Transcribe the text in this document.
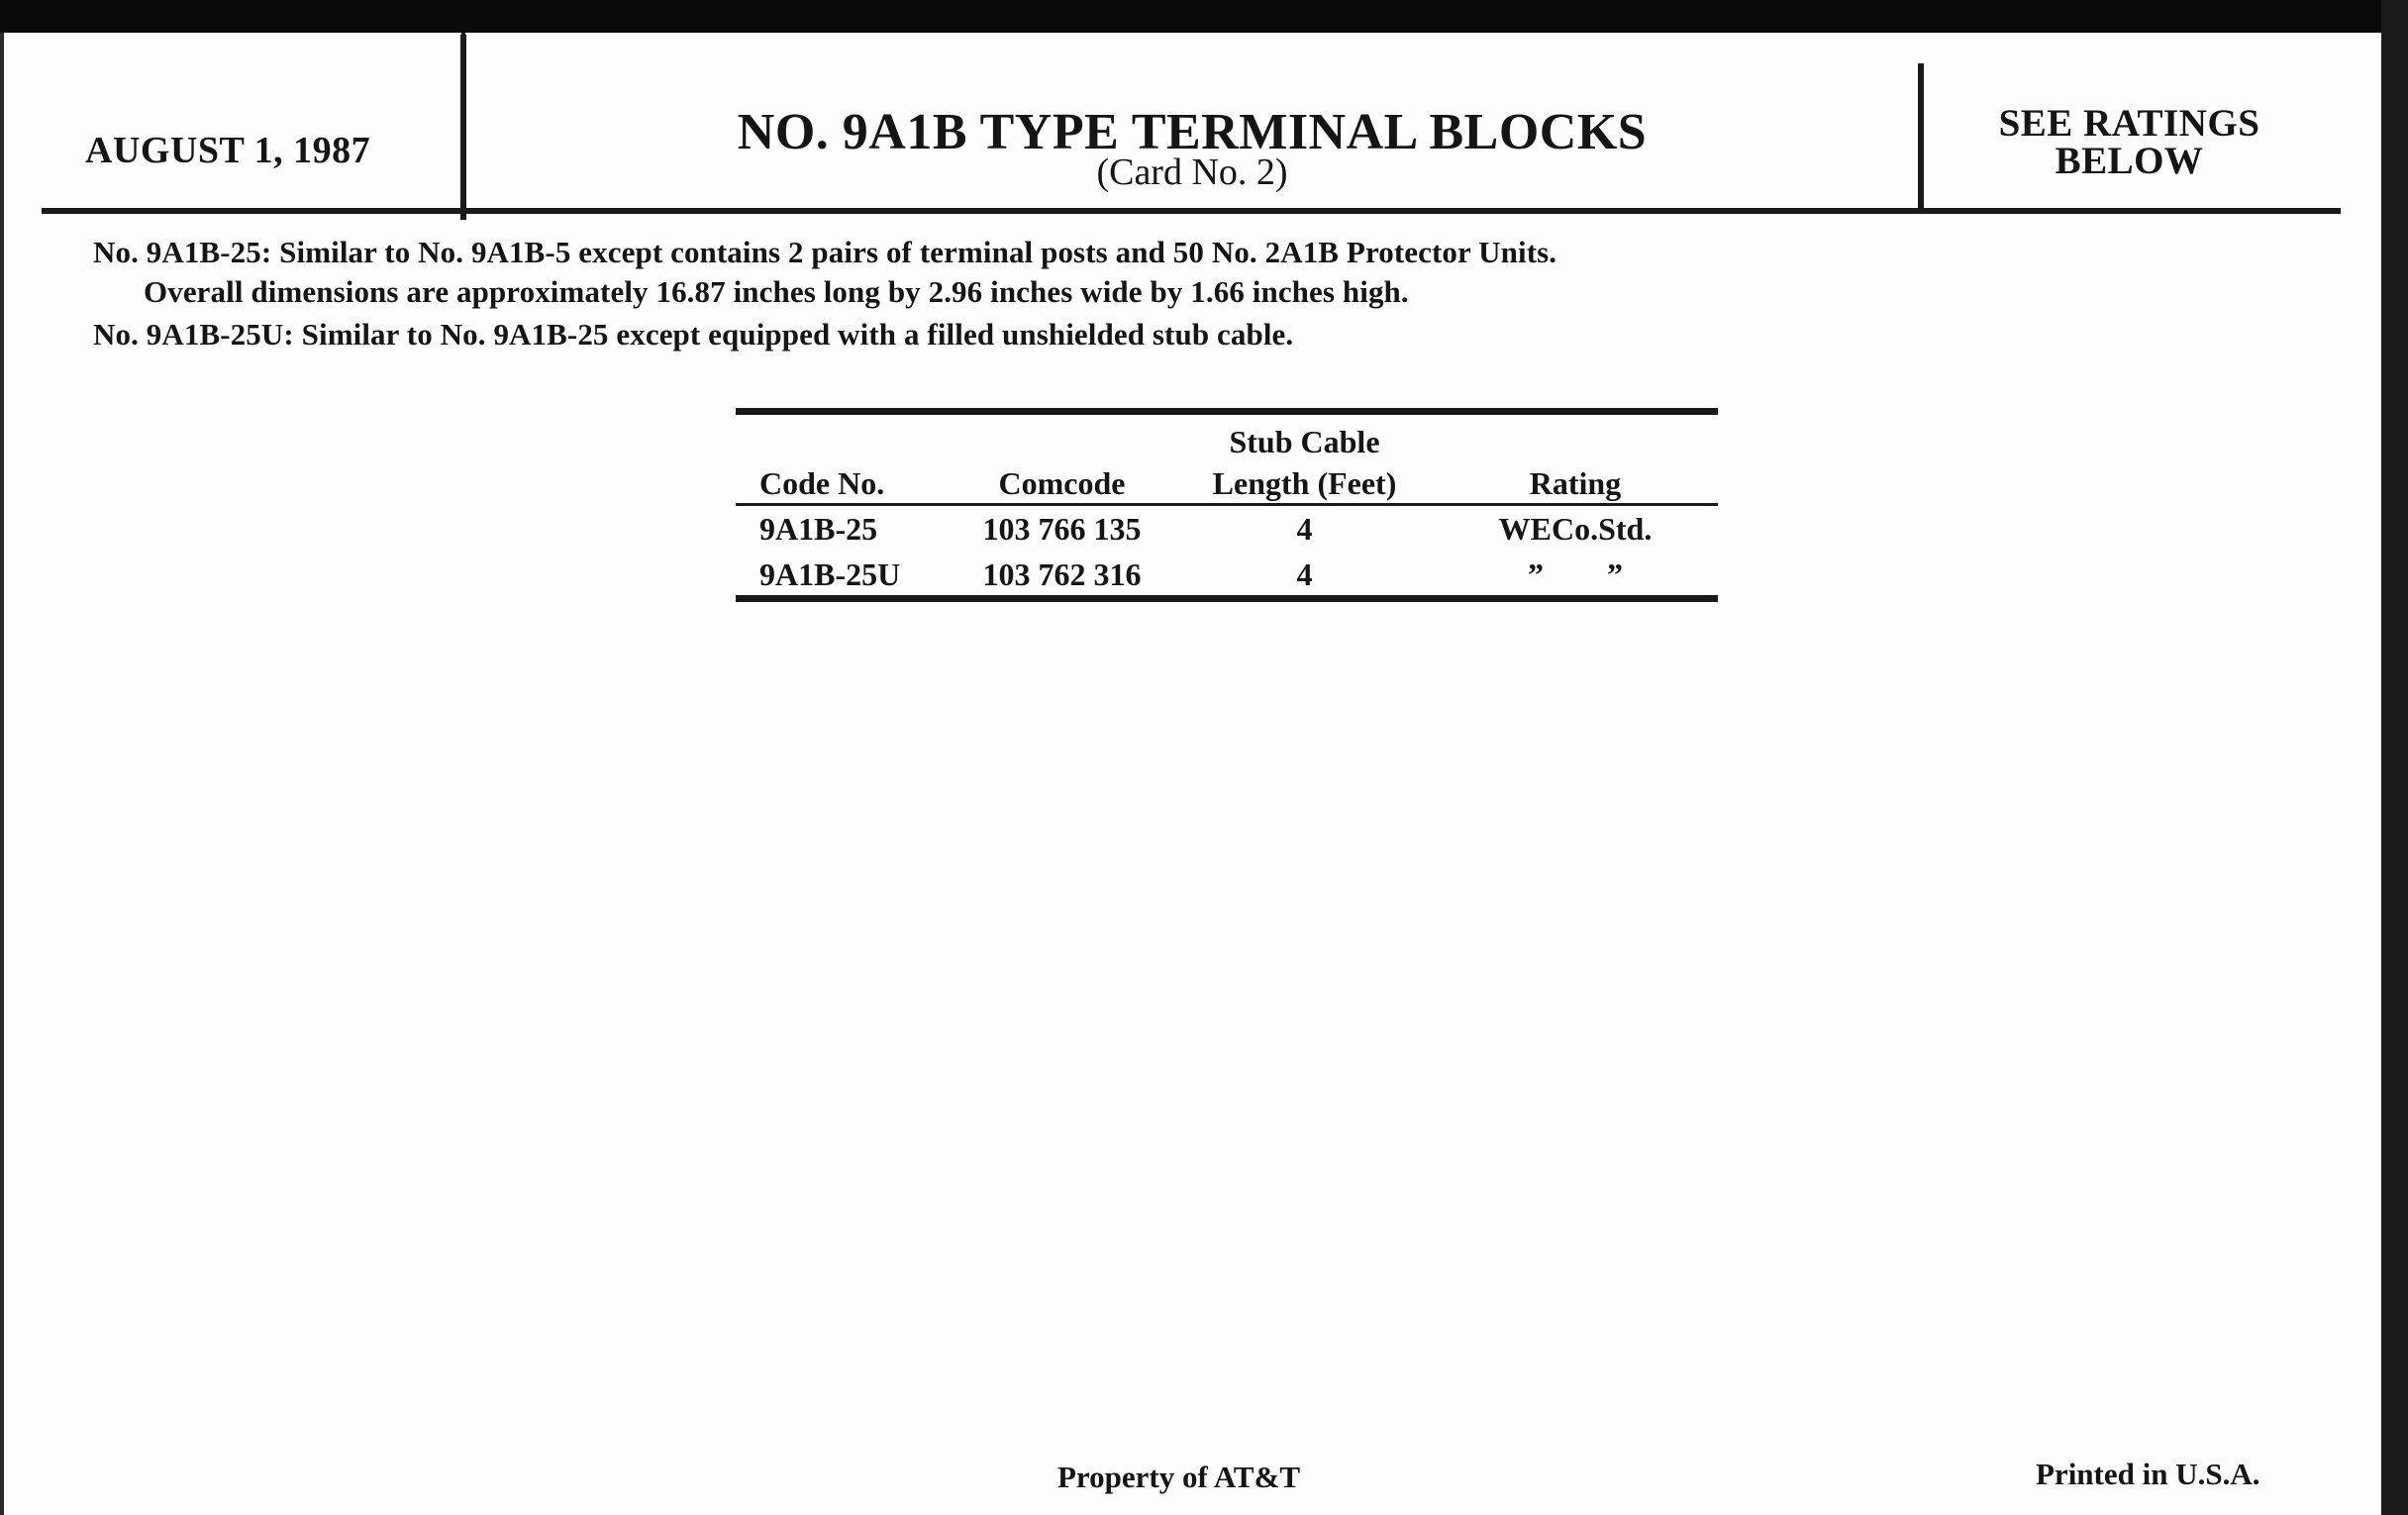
AUGUST 1, 1987	NO. 9A1B TYPE TERMINAL BLOCKS
(Card No. 2)
SEE RATINGS
BELOW
No. 9A1B-25: Similar to No. 9A1B-5 except contains 2 pairs of terminal posts and 50 No. 2A1B Protector Units.
Overall dimensions are approximately 16.87 inches long by 2.96 inches wide by 1.66 inches high.
No. 9A1B-25U: Similar to No. 9A1B-25 except equipped with a filled unshielded stub cable.
Stub Cable
Code No.	Comcode	Length (Feet)	Rating
9A1B-25	103 766 135	4	WECo.Std.
9A1B-25U	103 762 316	4	”        ”
Property of AT&T	Printed in U.S.A.
